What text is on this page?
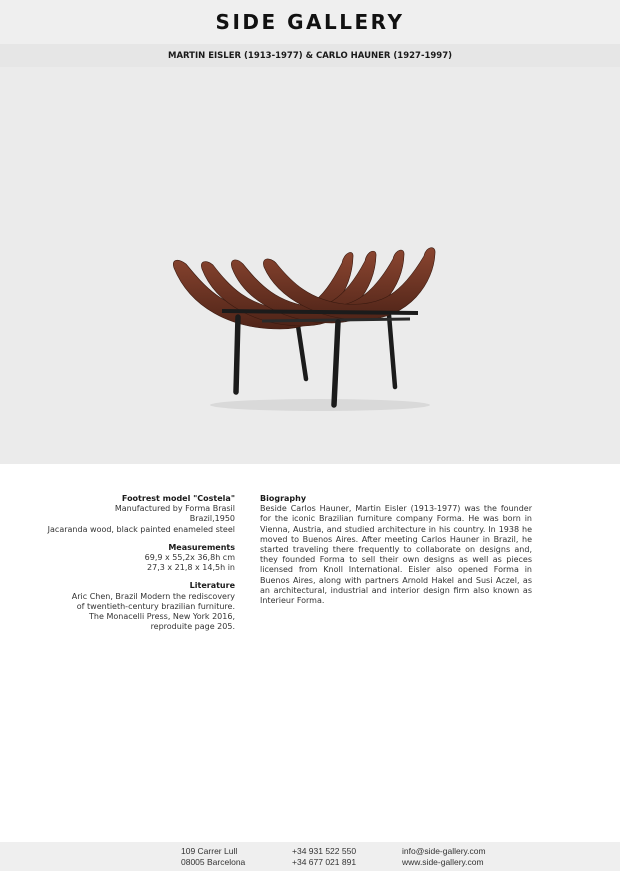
SIDE GALLERY
MARTIN EISLER (1913-1977) & CARLO HAUNER (1927-1997)
Footrest model "Costela"
Manufactured by Forma Brasil
Brazil,1950
Jacaranda wood, black painted enameled steel
Measurements
69,9 x 55,2x 36,8h cm
27,3 x 21,8 x 14,5h in
Literature
Aric Chen, Brazil Modern the rediscovery
of twentieth-century brazilian furniture.
The Monacelli Press, New York 2016,
reproduite page 205.
Biography
Beside Carlos Hauner, Martin Eisler (1913-1977) was the founder for the iconic Brazilian furniture company Forma. He was born in Vienna, Austria, and studied architecture in his country. In 1938 he moved to Buenos Aires. After meeting Carlos Hauner in Brazil, he started traveling there frequently to collaborate on designs and, they founded Forma to sell their own designs as well as pieces licensed from Knoll International. Eisler also opened Forma in Buenos Aires, along with partners Arnold Hakel and Susi Aczel, as an architectural, industrial and interior design firm also known as Interieur Forma.
109 Carrer Lull
08005 Barcelona
+34 931 522 550
+34 677 021 891
info@side-gallery.com
www.side-gallery.com
